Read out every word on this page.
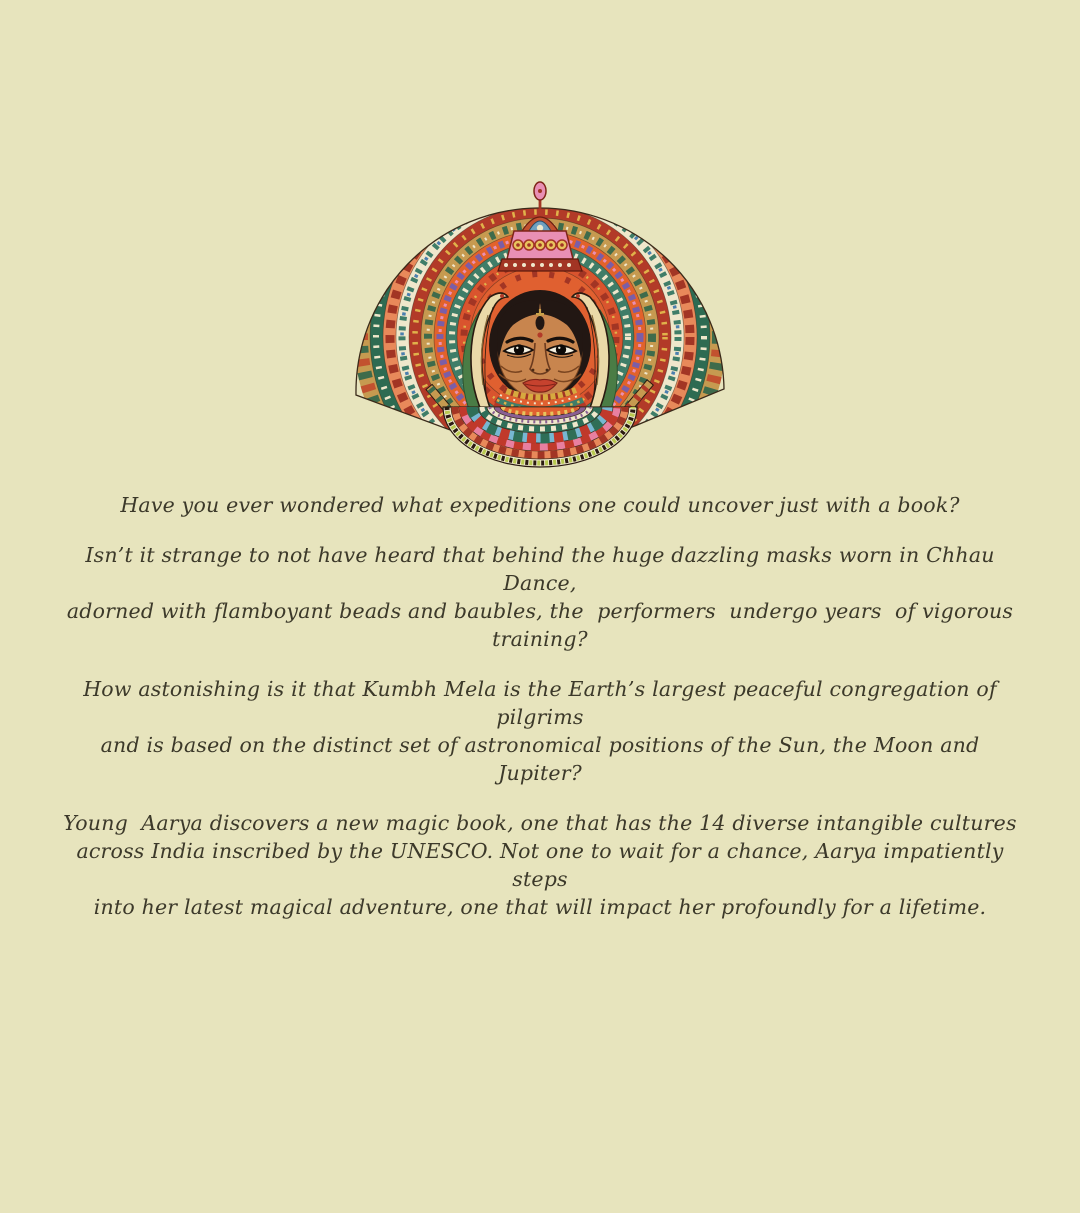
Have you ever wondered what expeditions one could uncover just with a book?
Isn’t it strange to not have heard that behind the huge dazzling masks worn in Chhau Dance,
adorned with flamboyant beads and baubles, the  performers  undergo years  of vigorous
training?
How astonishing is it that Kumbh Mela is the Earth’s largest peaceful congregation of pilgrims
and is based on the distinct set of astronomical positions of the Sun, the Moon and Jupiter?
Young  Aarya discovers a new magic book, one that has the 14 diverse intangible cultures
across India inscribed by the UNESCO. Not one to wait for a chance, Aarya impatiently steps
into her latest magical adventure, one that will impact her profoundly for a lifetime.
